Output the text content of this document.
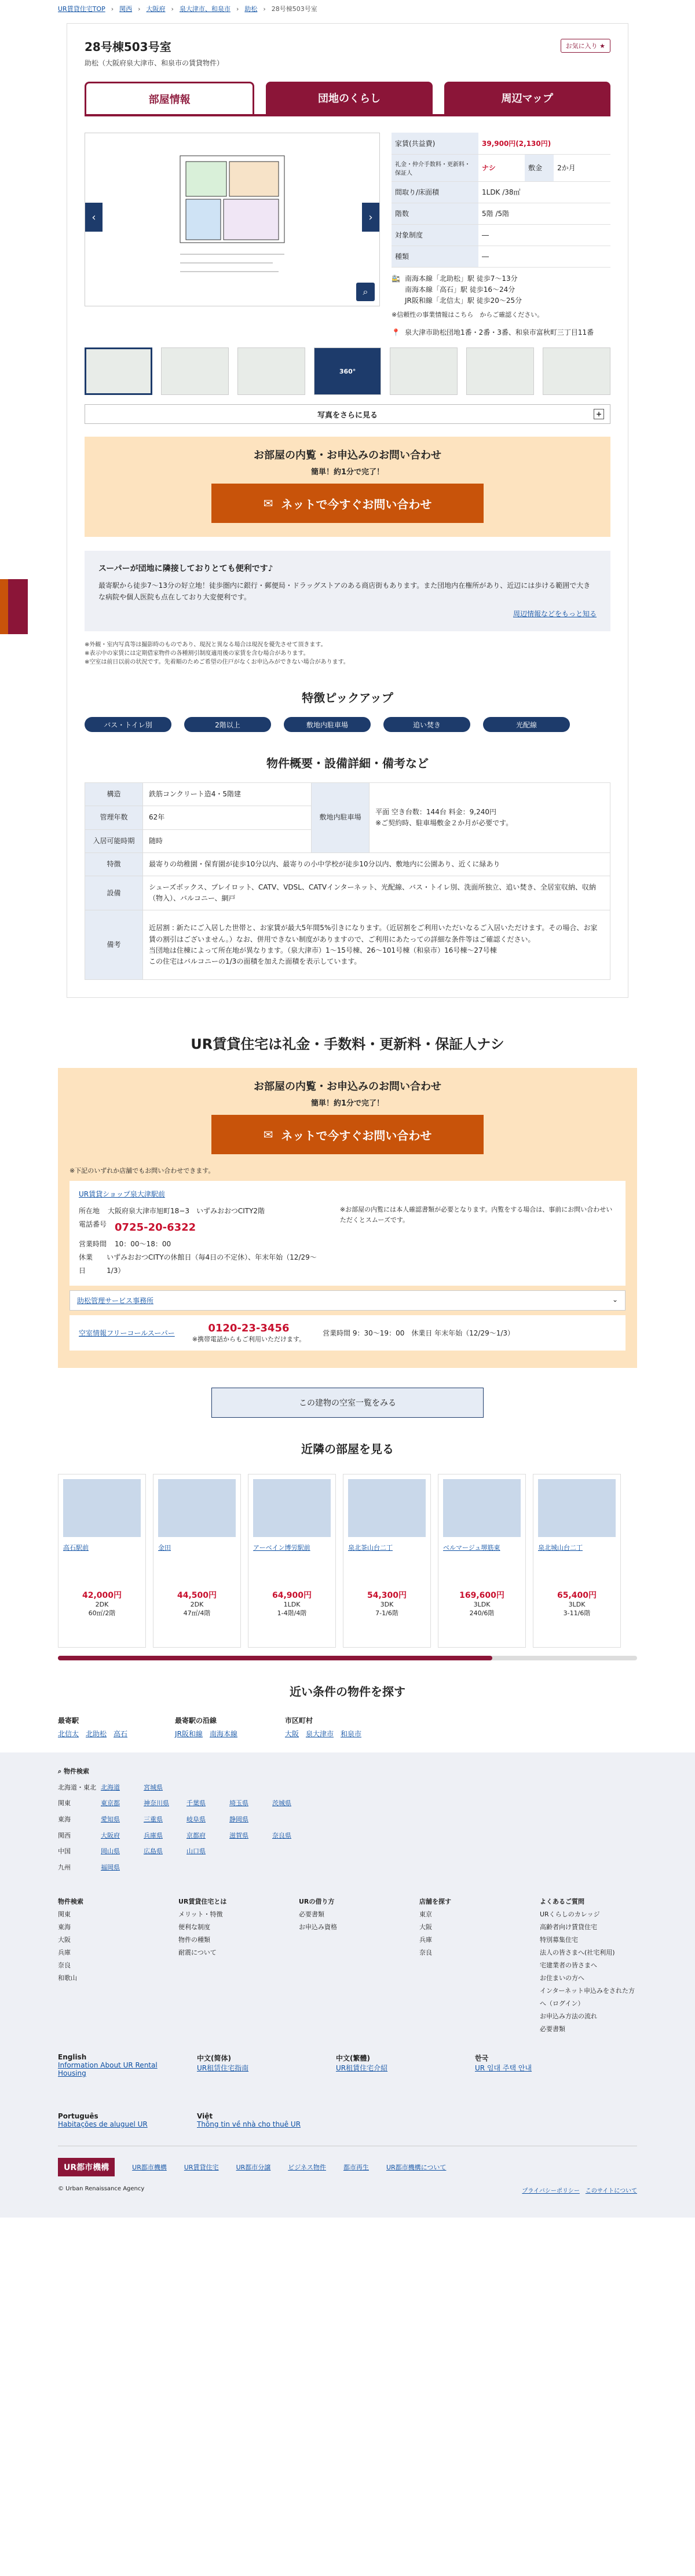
UR賃貸住宅TOP › 関西 › 大阪府 › 泉大津市、和泉市 › 助松 › 28号棟503号室
28号棟503号室
助松（大阪府泉大津市、和泉市の賃貸物件）
お気に入り ★
部屋情報	団地のくらし	周辺マップ
‹	›
⌕
家賃(共益費)	39,900円(2,130円)		
礼金・仲介手数料・更新料・保証人	ナシ	敷金	2か月
間取り/床面積	1LDK /38㎡		
階数	5階 /5階		
対象制度	―		
種類	―		
🚉 南海本線「北助松」駅 徒歩7〜13分
南海本線「高石」駅 徒歩16〜24分
JR阪和線「北信太」駅 徒歩20〜25分
※信頼性の事業情報はこちら　からご確認ください。
📍 泉大津市助松団地1番・2番・3番、和泉市富秋町三丁目11番
360°
写真をさらに見る	+
お部屋の内覧・お申込みのお問い合わせ
簡単！約1分で完了！
✉ ネットで今すぐお問い合わせ
スーパーが団地に隣接しておりとても便利です♪
最寄駅から徒歩7〜13分の好立地！徒歩圏内に銀行・郵便局・ドラッグストアのある商店街もあります。また団地内在権所があり、近辺には歩ける範囲で大きな病院や個人医院も点在しており大変便利です。
周辺情報などをもっと知る
※外観・室内写真等は撮影時のものであり、現況と異なる場合は現況を優先させて頂きます。
※表示中の家賃には定期借家物件の各種割引制度適用後の家賃を含む場合があります。
※空室は前日以前の状況です。先着順のためご希望の住戸がなくお申込みができない場合があります。
特徴ピックアップ
バス・トイレ別	2階以上	敷地内駐車場	追い焚き	光配線
物件概要・設備詳細・備考など
構造	鉄筋コンクリート造4・5階建	敷地内駐車場	平面 空き台数：144台 料金：9,240円
※ご契約時、駐車場敷金２か月が必要です。
管理年数	62年		
入居可能時期	随時		
特徴	最寄りの幼稚園・保育園が徒歩10分以内、最寄りの小中学校が徒歩10分以内、敷地内に公園あり、近くに緑あり		
設備	シューズボックス、プレイロット、CATV、VDSL、CATVインターネット、光配線、バス・トイレ別、洗面所独立、追い焚き、全居室収納、収納（物入）、バルコニー、網戸		
備考	近居割 : 新たにご入居した世帯と、お家賃が最大5年間5%引きになります。（近居割をご利用いただいなるご入居いただけます。その場合、お家賃の割引はございません。）なお、併用できない制度がありますので、ご利用にあたっての詳細な条件等はご確認ください。
当団地は住棟によって所在地が異なります。（泉大津市）1〜15号棟、26〜101号棟（和泉市）16号棟〜27号棟
この住宅はバルコニーの1/3の面積を加えた面積を表示しています。		
UR賃貸住宅は礼金・手数料・更新料・保証人ナシ
お部屋の内覧・お申込みのお問い合わせ
簡単！約1分で完了！
✉ ネットで今すぐお問い合わせ
※下記のいずれか店舗でもお問い合わせできます。
UR賃貸ショップ泉大津駅前
所在地 大阪府泉大津市旭町18−3　いずみおおつCITY2階
電話番号 0725-20-6322
営業時間 10：00〜18：00
休業日
いずみおおつCITYの休館日（毎4日の不定休）、年末年始（12/29〜1/3）
※お部屋の内覧には本人確認書類が必要となります。内覧をする場合は、事前にお問い合わせいただくとスムーズです。
助松管理サービス事務所	⌄
空室情報フリーコールスーパー	0120-23-3456
※携帯電話からもご利用いただけます。
営業時間 9：30〜19：00　休業日 年末年始（12/29〜1/3）
この建物の空室一覧をみる
近隣の部屋を見る
高石駅前
42,000円
2DK
60㎡/2階
金田
44,500円
2DK
47㎡/4階
アーベイン博労駅前
64,900円
1LDK
1-4階/4階
泉北茶山台二丁
54,300円
3DK
7-1/6階
ベルマージュ堺筋東
169,600円
3LDK
240/6階
泉北城山台二丁
65,400円
3LDK
3-11/6階
近い条件の物件を探す
最寄駅
北信太 北助松 高石
最寄駅の沿線
JR阪和線 南海本線
市区町村
大阪 泉大津市 和泉市
⌕ 物件検索
北海道・東北 北海道	宮城県
関東	東京都	神奈川県	千葉県	埼玉県	茨城県
東海	愛知県	三重県	岐阜県	静岡県
関西	大阪府	兵庫県	京都府	滋賀県	奈良県
中国	岡山県	広島県	山口県
九州	福岡県
物件検索
関東
東海
大阪
兵庫
奈良
和歌山
UR賃貸住宅とは
メリット・特徴
便利な制度
物件の種類
耐震について
URの借り方
必要書類
お申込み資格
店舗を探す
東京
大阪
兵庫
奈良
よくあるご質問
URくらしのカレッジ
高齢者向け賃貸住宅
特別募集住宅
法人の皆さまへ(社宅利用)
宅建業者の皆さまへ
お住まいの方へ
インターネット申込みをされた方へ（ログイン）
お申込み方法の流れ
必要書類
English
Information About UR Rental Housing
中文(简体)
UR租赁住宅指南
中文(繁體)
UR租賃住宅介紹
한국
UR 임대 주택 안내
Português
Habitações de aluguel UR
Việt
Thông tin về nhà cho thuê UR
UR都市機構	UR都市機構	UR賃貸住宅	UR都市分譲	ビジネス物件	都市再生	UR都市機構について
© Urban Renaissance Agency	プライバシーポリシー　 このサイトについて
